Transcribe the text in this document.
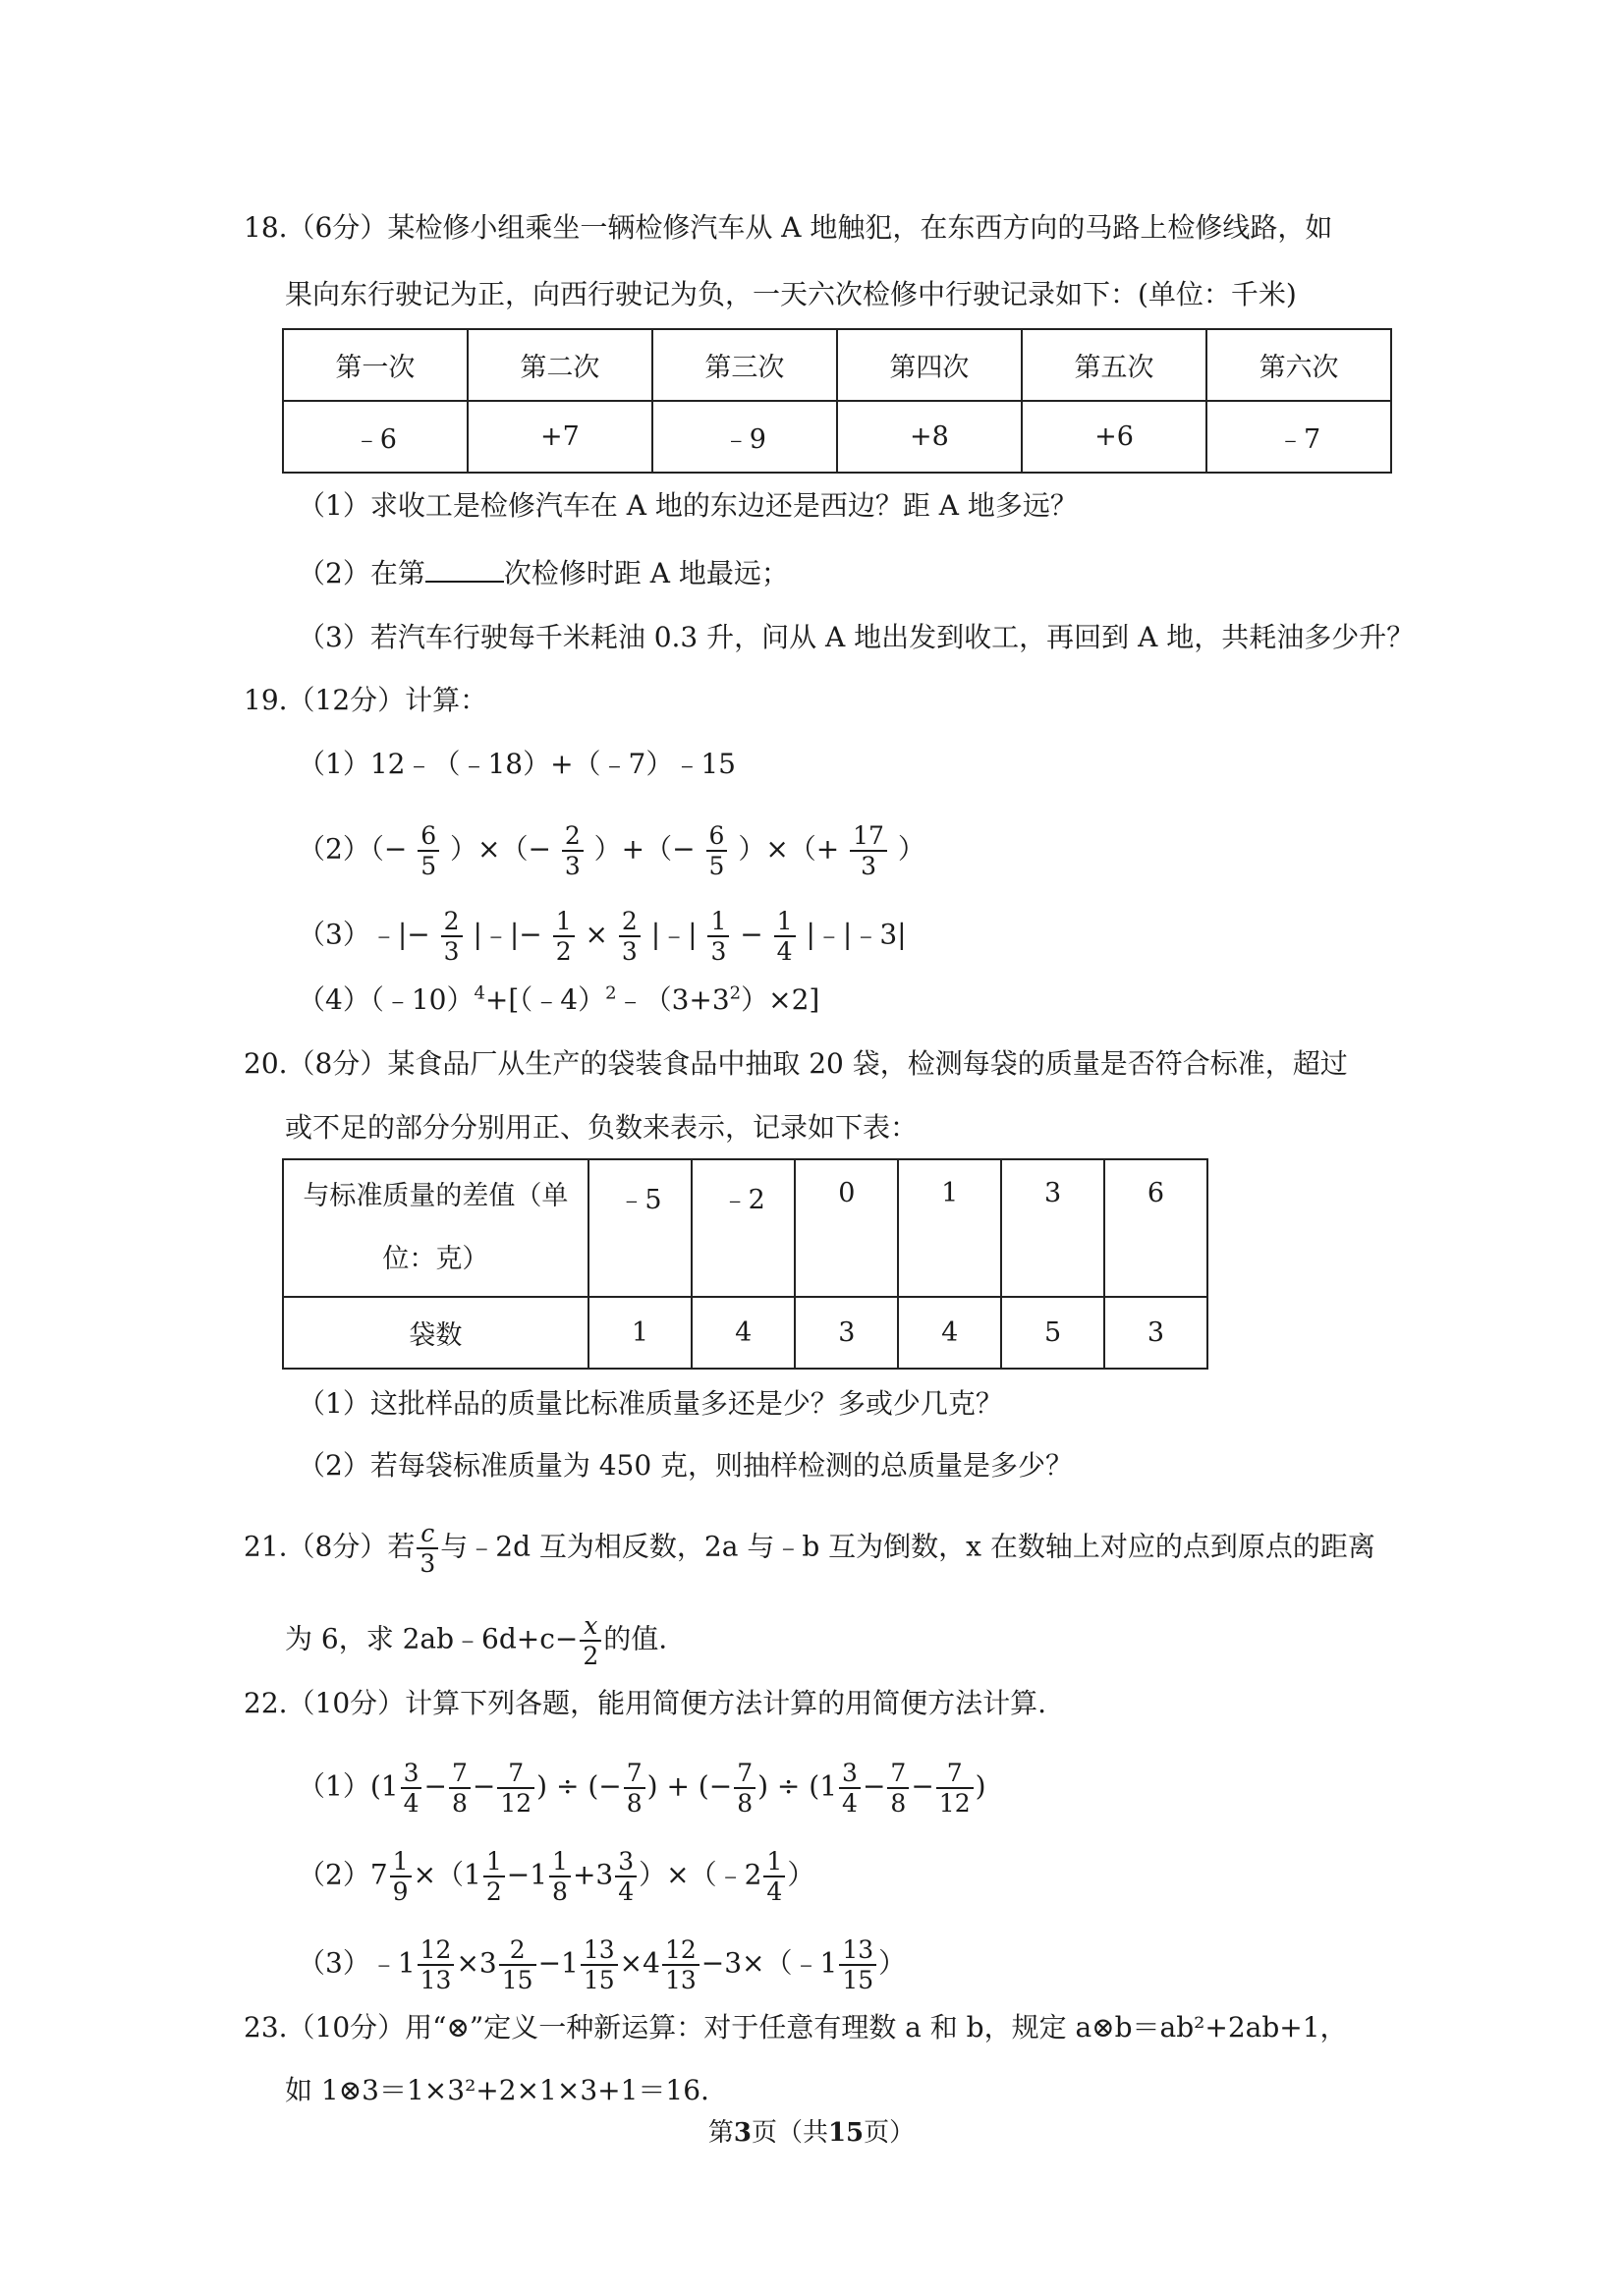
18.（6分）某检修小组乘坐一辆检修汽车从 A 地触犯，在东西方向的马路上检修线路，如
果向东行驶记为正，向西行驶记为负，一天六次检修中行驶记录如下：(单位：千米)
第一次	第二次	第三次	第四次	第五次	第六次
﹣6	+7	﹣9	+8	+6	﹣7
（1）求收工是检修汽车在 A 地的东边还是西边？距 A 地多远？
（2）在第	次检修时距 A 地最远；
（3）若汽车行驶每千米耗油 0.3 升，问从 A 地出发到收工，再回到 A 地，共耗油多少升？
19.（12分）计算：
（1）12﹣（﹣18）+（﹣7）﹣15
$(2)(- \frac{6}{5}$ ）×（− $\frac{2}{3}$ ）+（− $\frac{6}{5}$ ）×（+ $\frac{17}{3}$ ）
（3）﹣|− $\frac{2}{3}$ |﹣|− $\frac{1}{2} \times \frac{2}{3}$ |﹣| $\frac{1}{3} - \frac{1}{4}$ |﹣|﹣3|
$(4)(﹣10)^4+[(﹣4)^2﹣(3+3^2)\times 2]$
20.（8分）某食品厂从生产的袋装食品中抽取 20 袋，检测每袋的质量是否符合标准，超过
或不足的部分分别用正、负数来表示，记录如下表：
与标准质量的差值（单位：克）	﹣5	﹣2	0	1	3	6
袋数	1	4	3	4	5	3
（1）这批样品的质量比标准质量多还是少？多或少几克？
（2）若每袋标准质量为 450 克，则抽样检测的总质量是多少？
21.（8分）若 $\frac{c}{3}$ 与﹣2d 互为相反数，2a 与﹣b 互为倒数，x 在数轴上对应的点到原点的距离
为 6，求 2ab﹣6d+c− $\frac{x}{2}$ 的值.
22.（10分）计算下列各题，能用简便方法计算的用简便方法计算.
$(1)(1 \frac{3}{4} - \frac{7}{8} - \frac{7}{12}$ ) ÷ (− $\frac{7}{8}$ ) + (− $\frac{7}{8}$ ) ÷ ($1 \frac{3}{4} - \frac{7}{8} - \frac{7}{12}$ )
$(2)7 \frac{1}{9} \times(1 \frac{1}{2} -1 \frac{1}{8} +3 \frac{3}{4}$ ）×（﹣2 $\frac{1}{4}$ ）
（3）﹣1 $\frac{12}{13} \times 3 \frac{2}{15} -1 \frac{13}{15} \times 4 \frac{12}{13}$ −3×（﹣1 $\frac{13}{15}$ ）
23.（10分）用“⊗”定义一种新运算：对于任意有理数 a 和 b，规定 a⊗b＝ab²+2ab+1，
如 1⊗3＝1×3²+2×1×3+1＝16.
第3页（共15页）
